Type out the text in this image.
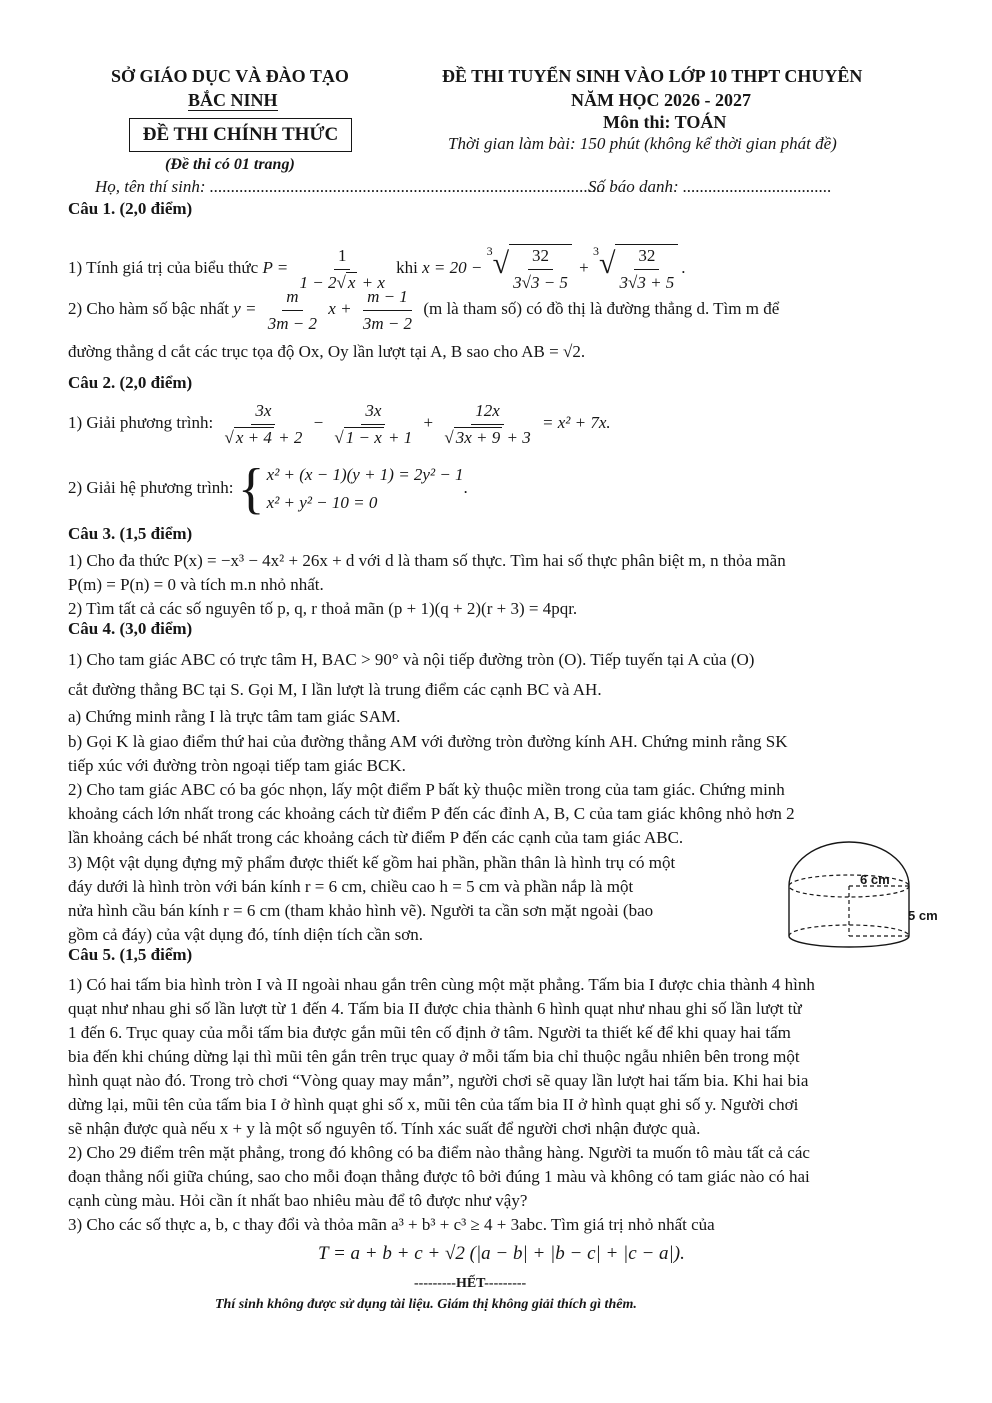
SỞ GIÁO DỤC VÀ ĐÀO TẠO
BẮC NINH
ĐỀ THI CHÍNH THỨC
(Đề thi có 01 trang)
ĐỀ THI TUYỂN SINH VÀO LỚP 10 THPT CHUYÊN
NĂM HỌC 2026 - 2027
Môn thi: TOÁN
Thời gian làm bài: 150 phút (không kể thời gian phát đề)
Họ, tên thí sinh: .............................................................................................
Số báo danh: ...................................
Câu 1. (2,0 điểm)
1) Tính giá trị của biểu thức $P = \frac{1}{1 - 2√ x + x}$ khi $x = 20 - ^3√ \frac{32}{3√3 - 5} + ^3√ \frac{32}{3√3 + 5}$ .
2) Cho hàm số bậc nhất $y = \frac{m}{3m - 2}$ $x + \frac{m - 1}{3m - 2} (m$ là tham số) có đồ thị là đường thẳng d. Tìm m để
đường thẳng d cắt các trục tọa độ Ox, Oy lần lượt tại A, B sao cho AB = √2.
Câu 2. (2,0 điểm)
1) Giải phương trình: $\frac{3x}{√ x + 4 + 2} - \frac{3x}{√ 1 - x + 1} + \frac{12x}{√ 3x + 9 + 3} = x^2 + 7x$.
2) Giải hệ phương trình: { x² + (x − 1)(y + 1) = 2y² − 1
x² + y² − 10 = 0
.
Câu 3. (1,5 điểm)
1) Cho đa thức P(x) = −x³ − 4x² + 26x + d với d là tham số thực. Tìm hai số thực phân biệt m, n thỏa mãn
P(m) = P(n) = 0 và tích m.n nhỏ nhất.
2) Tìm tất cả các số nguyên tố p, q, r thoả mãn (p + 1)(q + 2)(r + 3) = 4pqr.
Câu 4. (3,0 điểm)
1) Cho tam giác ABC có trực tâm H, BAC > 90° và nội tiếp đường tròn (O). Tiếp tuyến tại A của (O)
cắt đường thẳng BC tại S. Gọi M, I lần lượt là trung điểm các cạnh BC và AH.
a) Chứng minh rằng I là trực tâm tam giác SAM.
b) Gọi K là giao điểm thứ hai của đường thẳng AM với đường tròn đường kính AH. Chứng minh rằng SK
tiếp xúc với đường tròn ngoại tiếp tam giác BCK.
2) Cho tam giác ABC có ba góc nhọn, lấy một điểm P bất kỳ thuộc miền trong của tam giác. Chứng minh
khoảng cách lớn nhất trong các khoảng cách từ điểm P đến các đỉnh A, B, C của tam giác không nhỏ hơn 2
lần khoảng cách bé nhất trong các khoảng cách từ điểm P đến các cạnh của tam giác ABC.
3) Một vật dụng đựng mỹ phẩm được thiết kế gồm hai phần, phần thân là hình trụ có một
đáy dưới là hình tròn với bán kính r = 6 cm, chiều cao h = 5 cm và phần nắp là một
nửa hình cầu bán kính r = 6 cm (tham khảo hình vẽ). Người ta cần sơn mặt ngoài (bao
gồm cả đáy) của vật dụng đó, tính diện tích cần sơn.
6 cm
5 cm
Câu 5. (1,5 điểm)
1) Có hai tấm bia hình tròn I và II ngoài nhau gắn trên cùng một mặt phẳng. Tấm bia I được chia thành 4 hình
quạt như nhau ghi số lần lượt từ 1 đến 4. Tấm bia II được chia thành 6 hình quạt như nhau ghi số lần lượt từ
1 đến 6. Trục quay của mỗi tấm bia được gắn mũi tên cố định ở tâm. Người ta thiết kế để khi quay hai tấm
bia đến khi chúng dừng lại thì mũi tên gắn trên trục quay ở mỗi tấm bia chỉ thuộc ngẫu nhiên bên trong một
hình quạt nào đó. Trong trò chơi “Vòng quay may mắn”, người chơi sẽ quay lần lượt hai tấm bia. Khi hai bia
dừng lại, mũi tên của tấm bia I ở hình quạt ghi số x, mũi tên của tấm bia II ở hình quạt ghi số y. Người chơi
sẽ nhận được quà nếu x + y là một số nguyên tố. Tính xác suất để người chơi nhận được quà.
2) Cho 29 điểm trên mặt phẳng, trong đó không có ba điểm nào thẳng hàng. Người ta muốn tô màu tất cả các
đoạn thẳng nối giữa chúng, sao cho mỗi đoạn thẳng được tô bởi đúng 1 màu và không có tam giác nào có hai
cạnh cùng màu. Hỏi cần ít nhất bao nhiêu màu để tô được như vậy?
3) Cho các số thực a, b, c thay đổi và thỏa mãn a³ + b³ + c³ ≥ 4 + 3abc. Tìm giá trị nhỏ nhất của
T = a + b + c + √2 (|a − b| + |b − c| + |c − a|).
---------HẾT---------
Thí sinh không được sử dụng tài liệu. Giám thị không giải thích gì thêm.
